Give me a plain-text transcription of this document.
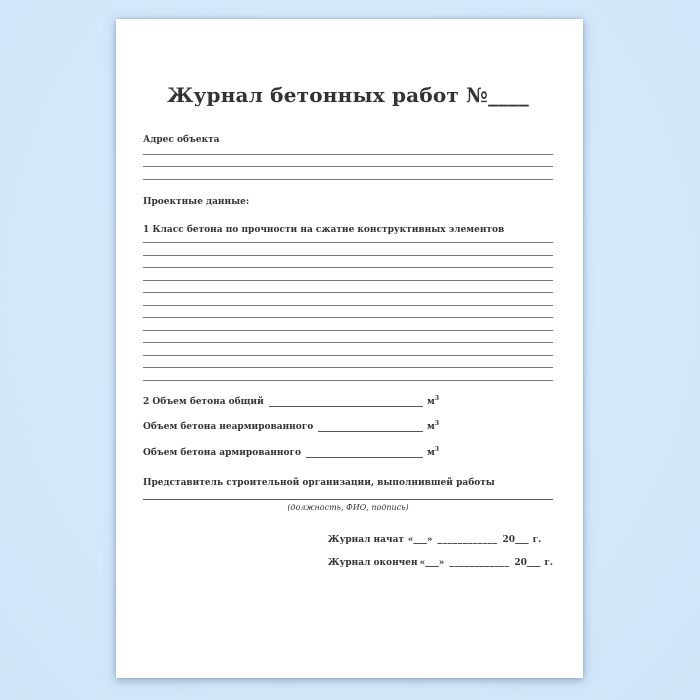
Журнал бетонных работ №____
Адрес объекта
Проектные данные:
1 Класс бетона по прочности на сжатие конструктивных элементов
2 Объем бетона общий	$м^3$
Объем бетона неармированного	$м^3$
Объем бетона армированного	$м^3$
Представитель строительной организации, выполнившей работы
(должность, ФИО, подпись)
Журнал начат «___» ____________ 20___ г.
Журнал окончен «___» ____________ 20___ г.
